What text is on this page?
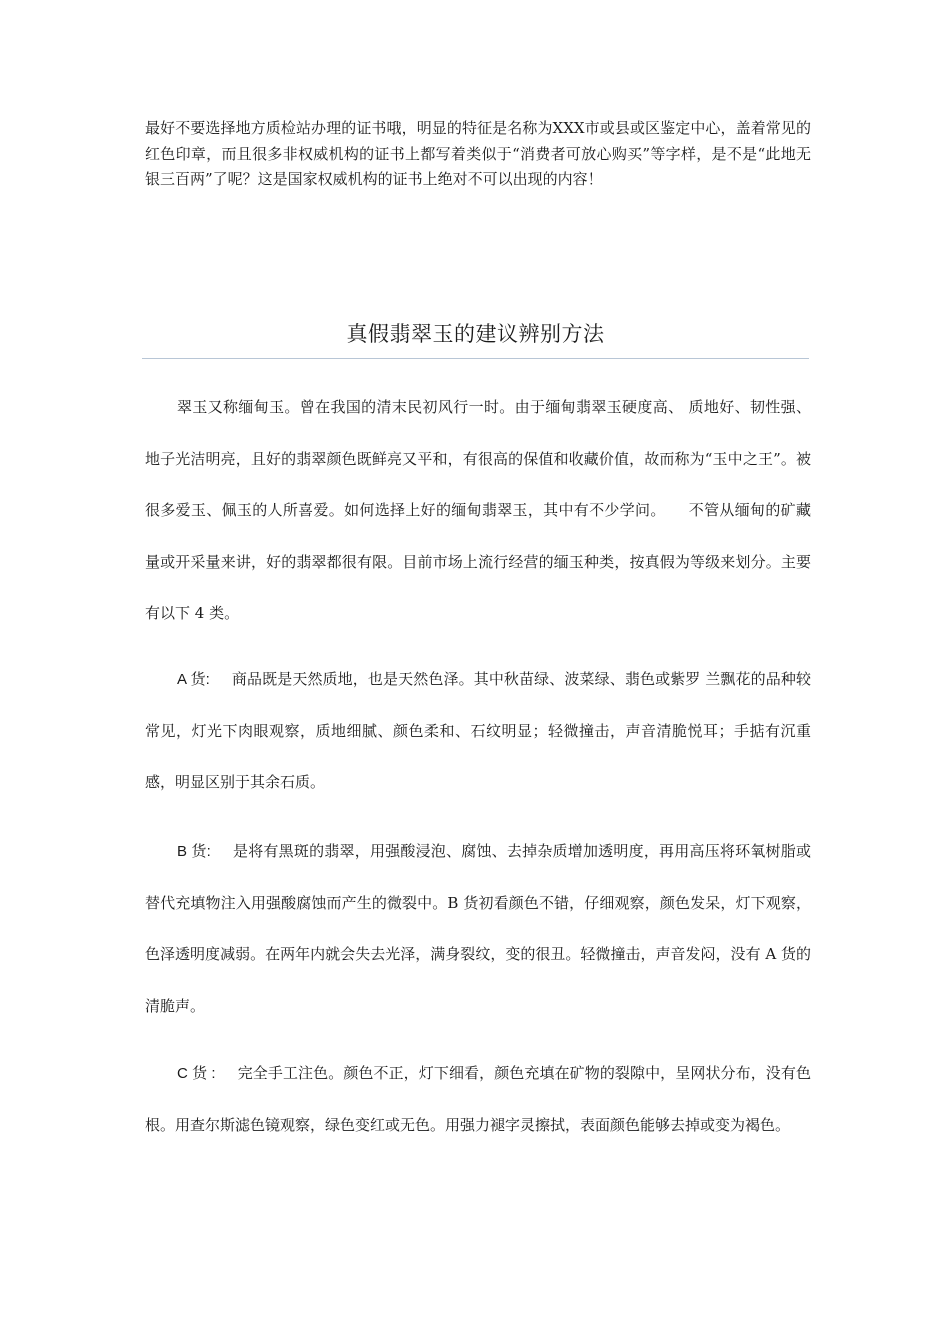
最好不要选择地方质检站办理的证书哦，明显的特征是名称为XXX市或县或区鉴定中心，盖着常见的红色印章，而且很多非权威机构的证书上都写着类似于“消费者可放心购买”等字样，是不是“此地无银三百两”了呢？这是国家权威机构的证书上绝对不可以出现的内容！

真假翡翠玉的建议辨别方法

翠玉又称缅甸玉。曾在我国的清末民初风行一时。由于缅甸翡翠玉硬度高、 质地好、韧性强、地子光洁明亮，且好的翡翠颜色既鲜亮又平和，有很高的保值和收藏价值，故而称为“玉中之王”。被很多爱玉、佩玉的人所喜爱。如何选择上好的缅甸翡翠玉，其中有不少学问。　　不管从缅甸的矿藏量或开采量来讲，好的翡翠都很有限。目前市场上流行经营的缅玉种类，按真假为等级来划分。主要有以下 4 类。

A 货: 商品既是天然质地，也是天然色泽。其中秋苗绿、波菜绿、翡色或紫罗 兰飘花的品种较常见，灯光下肉眼观察，质地细腻、颜色柔和、石纹明显；轻微撞击，声音清脆悦耳；手掂有沉重感，明显区别于其余石质。

B 货: 是将有黑斑的翡翠，用强酸浸泡、腐蚀、去掉杂质增加透明度，再用高压将环氧树脂或替代充填物注入用强酸腐蚀而产生的微裂中。B 货初看颜色不错，仔细观察，颜色发呆，灯下观察，色泽透明度减弱。在两年内就会失去光泽，满身裂纹，变的很丑。轻微撞击，声音发闷，没有 A 货的清脆声。

C 货 : 完全手工注色。颜色不正，灯下细看，颜色充填在矿物的裂隙中，呈网状分布，没有色根。用查尔斯滤色镜观察，绿色变红或无色。用强力褪字灵擦拭，表面颜色能够去掉或变为褐色。
